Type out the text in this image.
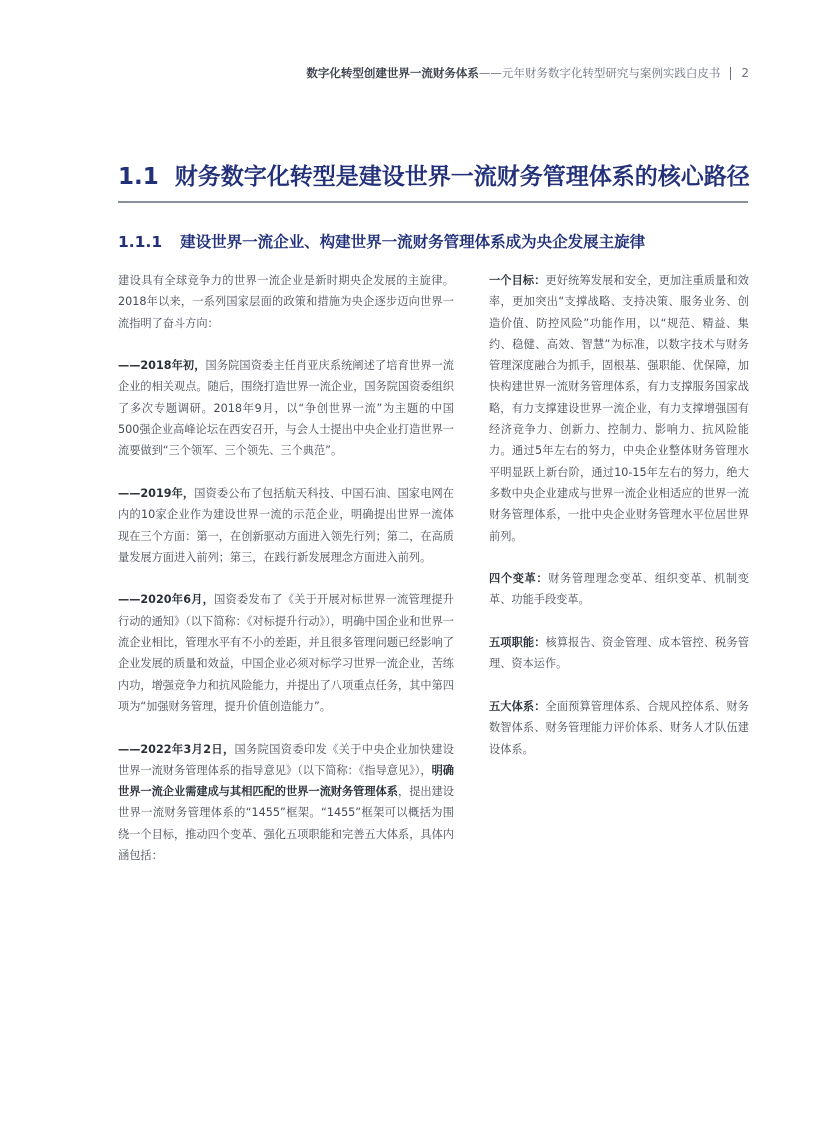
数字化转型创建世界一流财务体系 ——元年财务数字化转型研究与案例实践白皮书 2
1.1 财务数字化转型是建设世界一流财务管理体系的核心路径
1.1.1 建设世界一流企业、构建世界一流财务管理体系成为央企发展主旋律

建设具有全球竞争力的世界一流企业是新时期央企发展的主旋律。2018年以来，一系列国家层面的政策和措施为央企逐步迈向世界一流指明了奋斗方向：

——2018年初，国务院国资委主任肖亚庆系统阐述了培育世界一流企业的相关观点。随后，围绕打造世界一流企业，国务院国资委组织了多次专题调研。2018年9月，以“争创世界一流”为主题的中国500强企业高峰论坛在西安召开，与会人士提出中央企业打造世界一流要做到“三个领军、三个领先、三个典范”。

——2019年，国资委公布了包括航天科技、中国石油、国家电网在内的10家企业作为建设世界一流的示范企业，明确提出世界一流体现在三个方面：第一，在创新驱动方面进入领先行列；第二，在高质量发展方面进入前列；第三，在践行新发展理念方面进入前列。

——2020年6月，国资委发布了《关于开展对标世界一流管理提升行动的通知》（以下简称：《对标提升行动》），明确中国企业和世界一流企业相比，管理水平有不小的差距，并且很多管理问题已经影响了企业发展的质量和效益，中国企业必须对标学习世界一流企业，苦练内功，增强竞争力和抗风险能力，并提出了八项重点任务，其中第四项为“加强财务管理，提升价值创造能力”。

——2022年3月2日，国务院国资委印发《关于中央企业加快建设世界一流财务管理体系的指导意见》（以下简称：《指导意见》），明确世界一流企业需建成与其相匹配的世界一流财务管理体系，提出建设世界一流财务管理体系的“1455”框架。“1455”框架可以概括为围绕一个目标，推动四个变革、强化五项职能和完善五大体系，具体内涵包括：

一个目标：更好统筹发展和安全，更加注重质量和效率，更加突出“支撑战略、支持决策、服务业务、创造价值、防控风险”功能作用，以“规范、精益、集约、稳健、高效、智慧”为标准，以数字技术与财务管理深度融合为抓手，固根基、强职能、优保障，加快构建世界一流财务管理体系，有力支撑服务国家战略，有力支撑建设世界一流企业，有力支撑增强国有经济竞争力、创新力、控制力、影响力、抗风险能力。通过5年左右的努力，中央企业整体财务管理水平明显跃上新台阶，通过10-15年左右的努力，绝大多数中央企业建成与世界一流企业相适应的世界一流财务管理体系，一批中央企业财务管理水平位居世界前列。

四个变革：财务管理理念变革、组织变革、机制变革、功能手段变革。

五项职能：核算报告、资金管理、成本管控、税务管理、资本运作。

五大体系：全面预算管理体系、合规风控体系、财务数智体系、财务管理能力评价体系、财务人才队伍建设体系。
